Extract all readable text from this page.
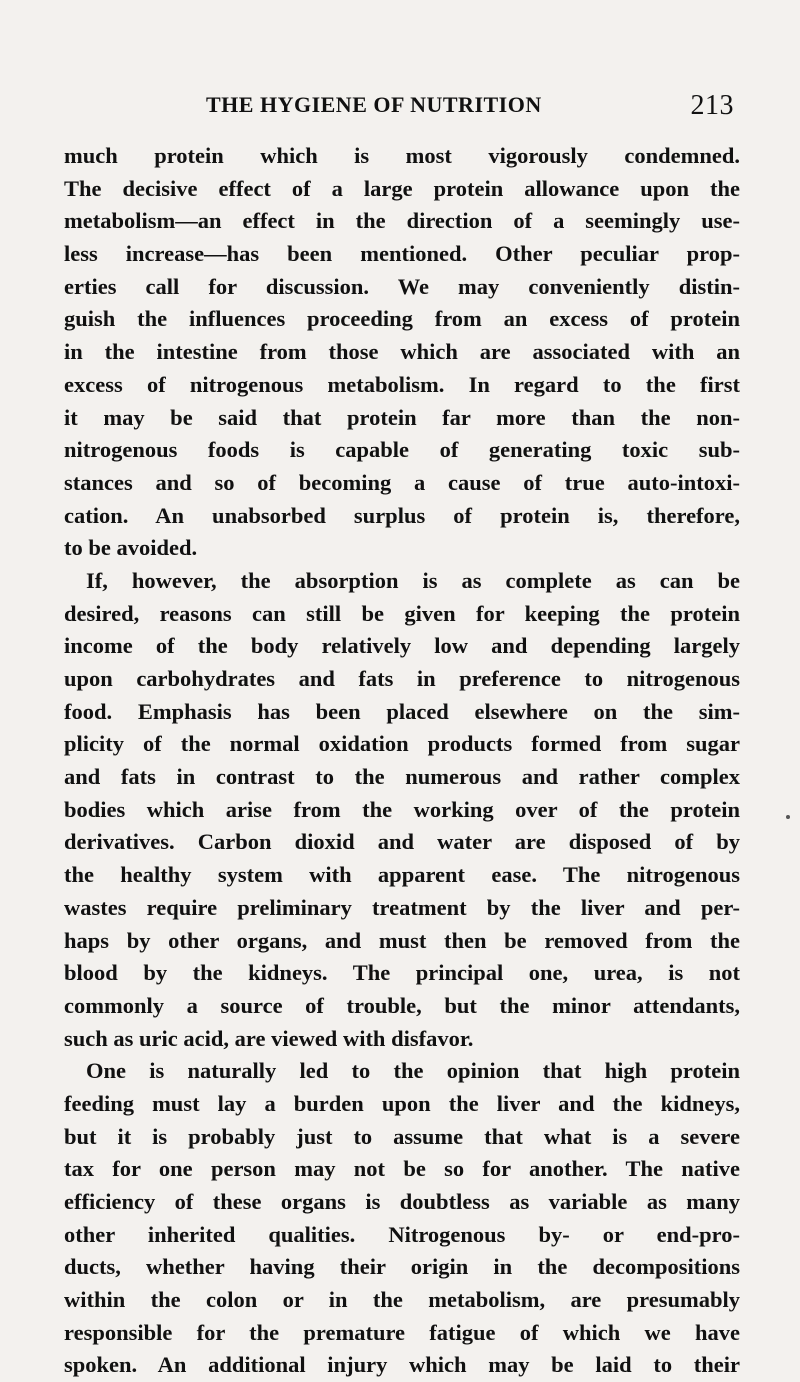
THE HYGIENE OF NUTRITION	213
much protein which is most vigorously condemned.
The decisive effect of a large protein allowance upon the
metabolism—an effect in the direction of a seemingly use-
less increase—has been mentioned. Other peculiar prop-
erties call for discussion. We may conveniently distin-
guish the influences proceeding from an excess of protein
in the intestine from those which are associated with an
excess of nitrogenous metabolism. In regard to the first
it may be said that protein far more than the non-
nitrogenous foods is capable of generating toxic sub-
stances and so of becoming a cause of true auto-intoxi-
cation. An unabsorbed surplus of protein is, therefore,
to be avoided.
If, however, the absorption is as complete as can be
desired, reasons can still be given for keeping the protein
income of the body relatively low and depending largely
upon carbohydrates and fats in preference to nitrogenous
food. Emphasis has been placed elsewhere on the sim-
plicity of the normal oxidation products formed from sugar
and fats in contrast to the numerous and rather complex
bodies which arise from the working over of the protein
derivatives. Carbon dioxid and water are disposed of by
the healthy system with apparent ease. The nitrogenous
wastes require preliminary treatment by the liver and per-
haps by other organs, and must then be removed from the
blood by the kidneys. The principal one, urea, is not
commonly a source of trouble, but the minor attendants,
such as uric acid, are viewed with disfavor.
One is naturally led to the opinion that high protein
feeding must lay a burden upon the liver and the kidneys,
but it is probably just to assume that what is a severe
tax for one person may not be so for another. The native
efficiency of these organs is doubtless as variable as many
other inherited qualities. Nitrogenous by- or end-pro-
ducts, whether having their origin in the decompositions
within the colon or in the metabolism, are presumably
responsible for the premature fatigue of which we have
spoken. An additional injury which may be laid to their
